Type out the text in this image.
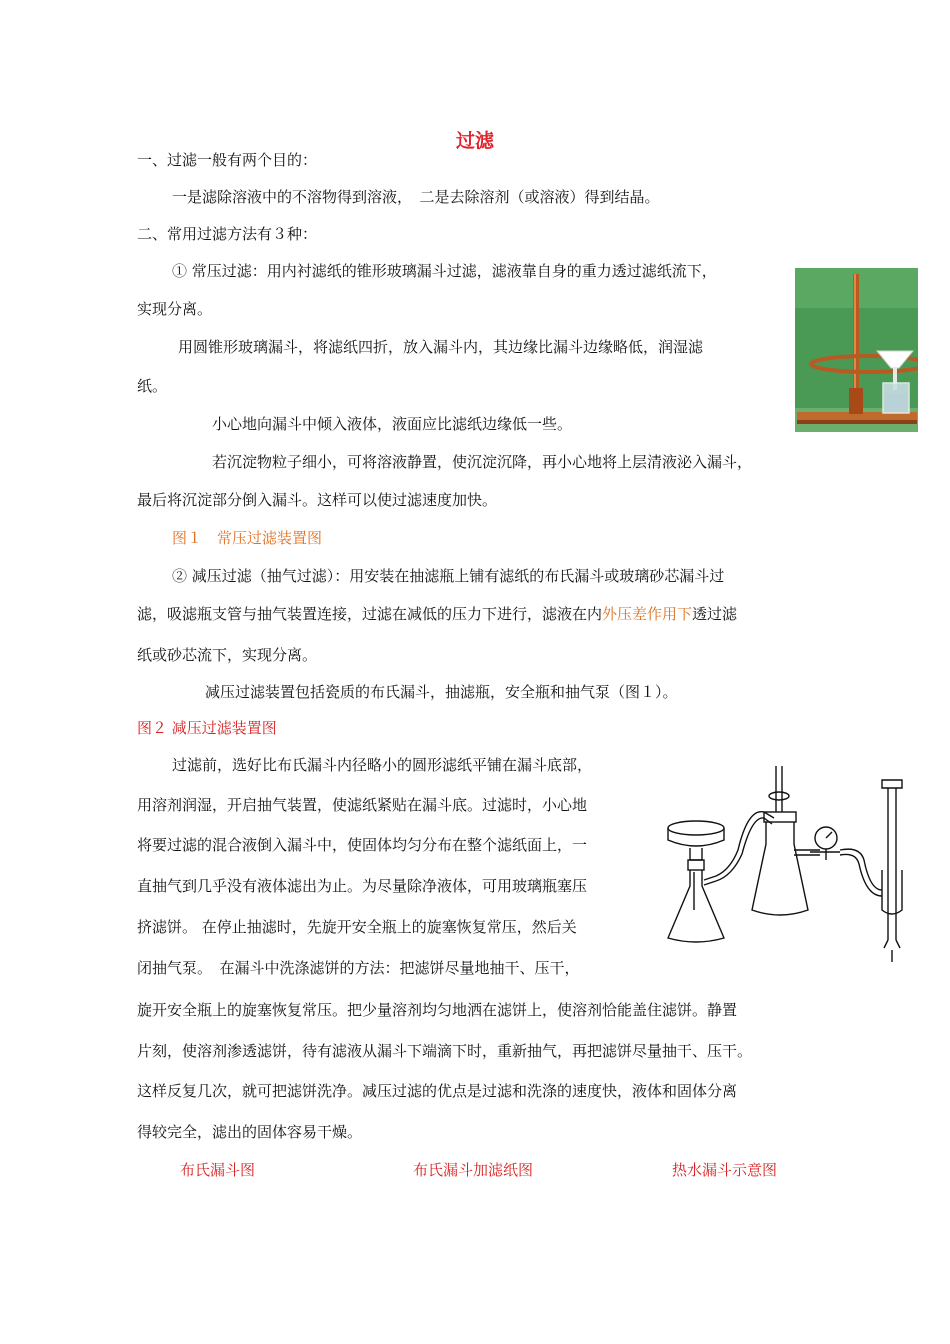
过滤
一、过滤一般有两个目的：
一是滤除溶液中的不溶物得到溶液，　二是去除溶剂（或溶液）得到结晶。
二、常用过滤方法有３种：
① 常压过滤：用内衬滤纸的锥形玻璃漏斗过滤，滤液靠自身的重力透过滤纸流下，
实现分离。
用圆锥形玻璃漏斗，将滤纸四折，放入漏斗内，其边缘比漏斗边缘略低，润湿滤
纸。
小心地向漏斗中倾入液体，液面应比滤纸边缘低一些。
若沉淀物粒子细小，可将溶液静置，使沉淀沉降，再小心地将上层清液泌入漏斗，
最后将沉淀部分倒入漏斗。这样可以使过滤速度加快。
图１　常压过滤装置图
② 减压过滤（抽气过滤）：用安装在抽滤瓶上铺有滤纸的布氏漏斗或玻璃砂芯漏斗过
滤，吸滤瓶支管与抽气装置连接，过滤在减低的压力下进行，滤液在内外压差作用下透过滤
纸或砂芯流下，实现分离。
减压过滤装置包括瓷质的布氏漏斗，抽滤瓶，安全瓶和抽气泵（图１）。
图２ 减压过滤装置图
过滤前，选好比布氏漏斗内径略小的圆形滤纸平铺在漏斗底部，
用溶剂润湿，开启抽气装置，使滤纸紧贴在漏斗底。过滤时，小心地
将要过滤的混合液倒入漏斗中，使固体均匀分布在整个滤纸面上，一
直抽气到几乎没有液体滤出为止。为尽量除净液体，可用玻璃瓶塞压
挤滤饼。 在停止抽滤时，先旋开安全瓶上的旋塞恢复常压，然后关
闭抽气泵。　在漏斗中洗涤滤饼的方法：把滤饼尽量地抽干、压干，
旋开安全瓶上的旋塞恢复常压。把少量溶剂均匀地洒在滤饼上，使溶剂恰能盖住滤饼。静置
片刻，使溶剂渗透滤饼，待有滤液从漏斗下端滴下时，重新抽气，再把滤饼尽量抽干、压干。
这样反复几次，就可把滤饼洗净。减压过滤的优点是过滤和洗涤的速度快，液体和固体分离
得较完全，滤出的固体容易干燥。
布氏漏斗图	布氏漏斗加滤纸图	热水漏斗示意图
